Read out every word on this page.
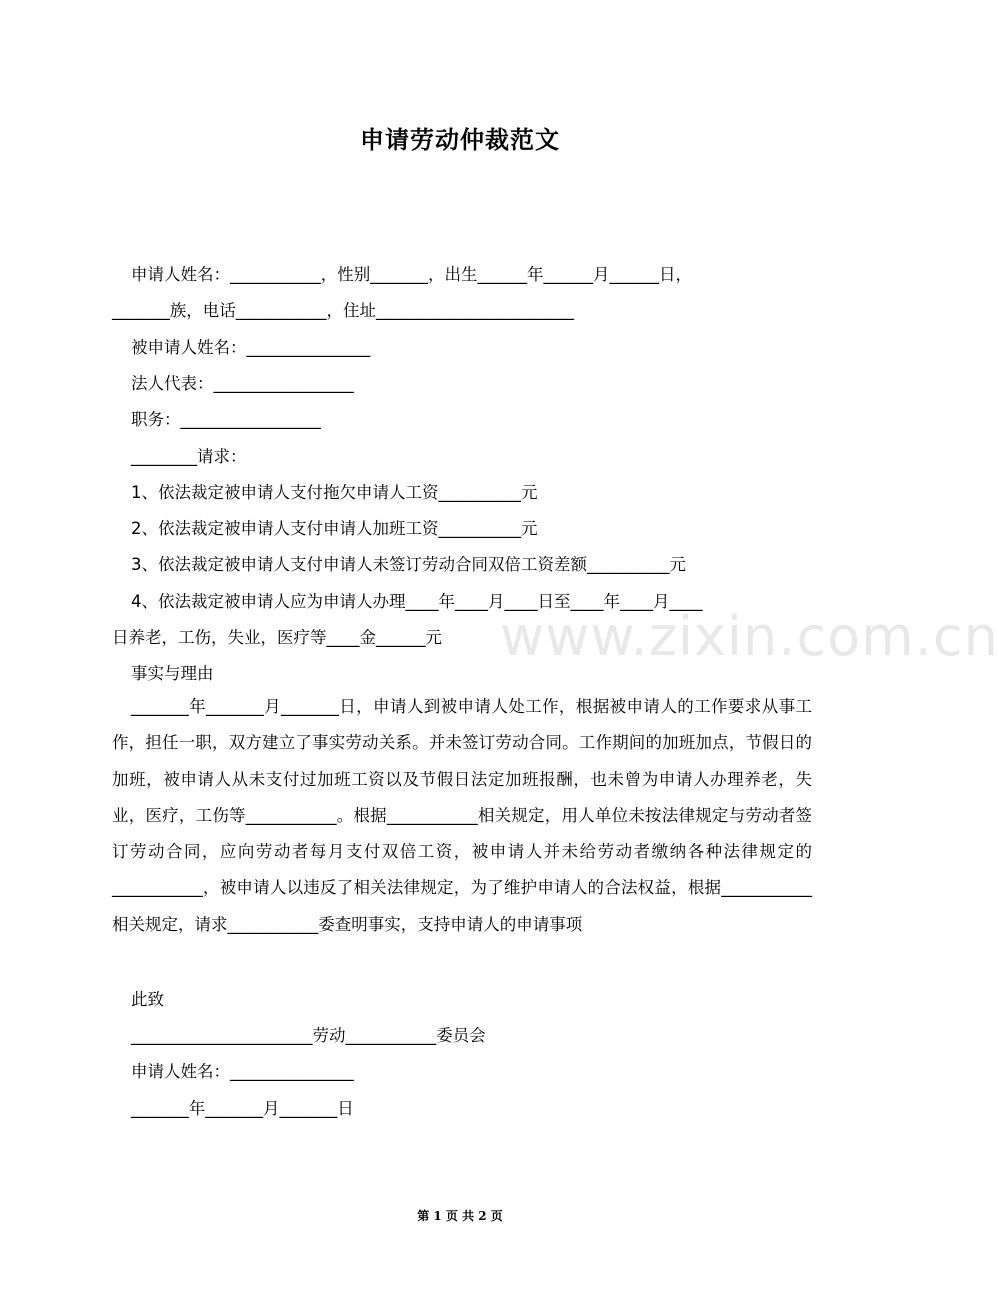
申请劳动仲裁范文
申请人姓名：___________，性别_______，出生______年______月______日，
_______族，电话___________，住址________________________
被申请人姓名：_______________
法人代表：_________________
职务：_________________
________请求：
1、依法裁定被申请人支付拖欠申请人工资__________元
2、依法裁定被申请人支付申请人加班工资__________元
3、依法裁定被申请人支付申请人未签订劳动合同双倍工资差额__________元
4、依法裁定被申请人应为申请人办理____年____月____日至____年____月____
日养老，工伤，失业，医疗等____金______元
事实与理由
_______年_______月_______日，申请人到被申请人处工作，根据被申请人的工作要求从事工作，担任一职，双方建立了事实劳动关系。并未签订劳动合同。工作期间的加班加点，节假日的加班，被申请人从未支付过加班工资以及节假日法定加班报酬，也未曾为申请人办理养老，失业，医疗，工伤等___________。根据___________相关规定，用人单位未按法律规定与劳动者签订劳动合同，应向劳动者每月支付双倍工资，被申请人并未给劳动者缴纳各种法律规定的___________，被申请人以违反了相关法律规定，为了维护申请人的合法权益，根据___________相关规定，请求___________委查明事实，支持申请人的申请事项
此致
______________________劳动___________委员会
申请人姓名：_______________
_______年_______月_______日
www.zixin.com.cn
第 1 页 共 2 页
